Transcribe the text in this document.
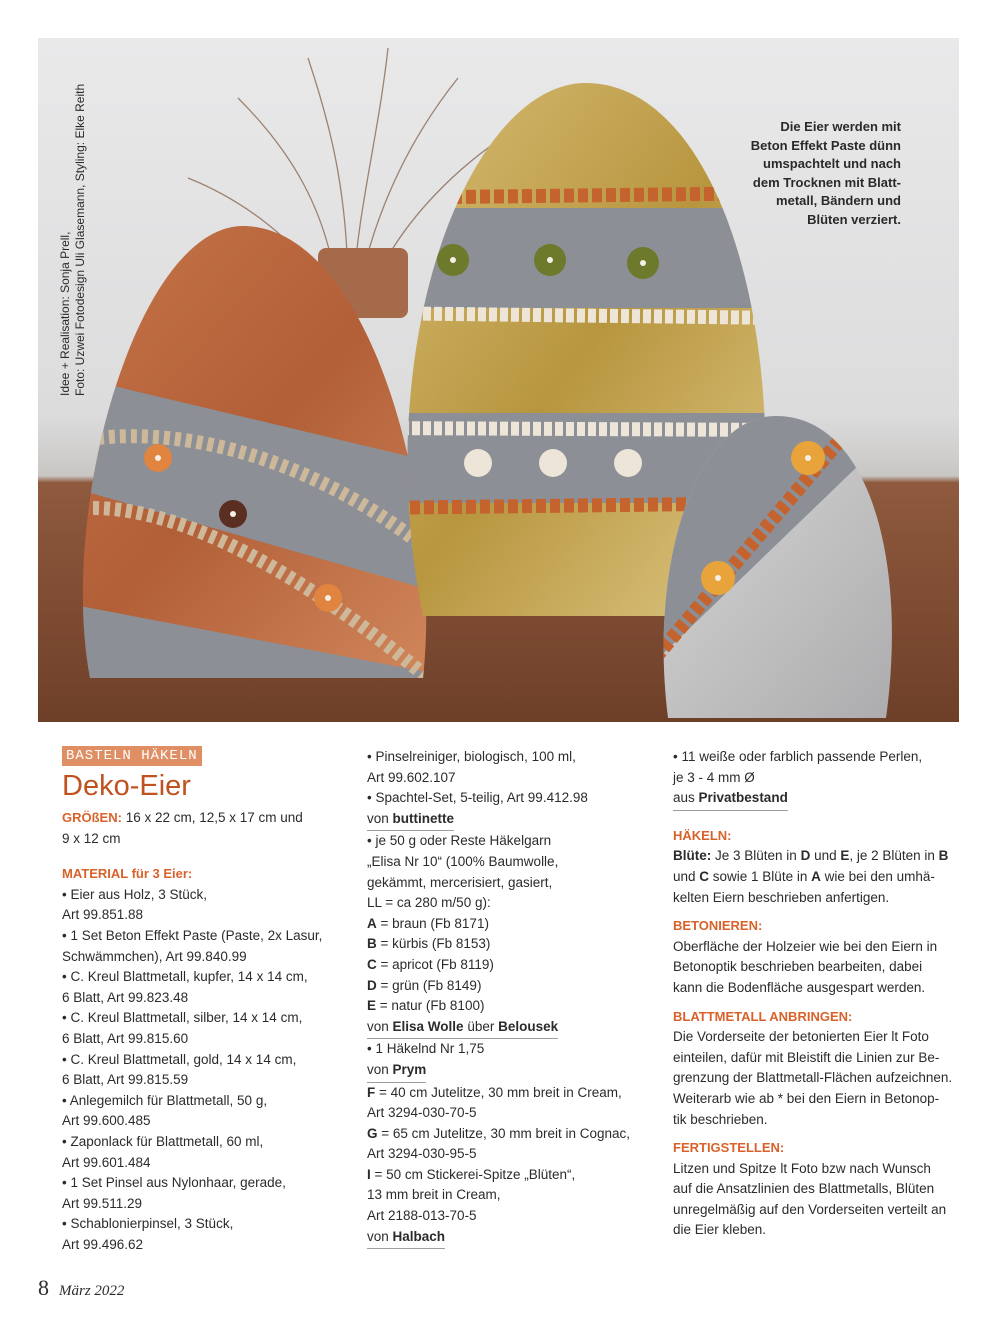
Idee + Realisation: Sonja Prell, Foto: Uzwei Fotodesign Uli Glasemann, Styling: Elke Reith	Die Eier werden mit
Beton Effekt Paste dünn
umspachtelt und nach
dem Trocknen mit Blatt-
metall, Bändern und
Blüten verziert.
BASTELN HÄKELN
Deko-Eier
GRÖßEN: 16 x 22 cm, 12,5 x 17 cm und
9 x 12 cm
MATERIAL für 3 Eier:
• Eier aus Holz, 3 Stück,
Art 99.851.88
• 1 Set Beton Effekt Paste (Paste, 2x Lasur,
Schwämmchen), Art 99.840.99
• C. Kreul Blattmetall, kupfer, 14 x 14 cm,
6 Blatt, Art 99.823.48
• C. Kreul Blattmetall, silber, 14 x 14 cm,
6 Blatt, Art 99.815.60
• C. Kreul Blattmetall, gold, 14 x 14 cm,
6 Blatt, Art 99.815.59
• Anlegemilch für Blattmetall, 50 g,
Art 99.600.485
• Zaponlack für Blattmetall, 60 ml,
Art 99.601.484
• 1 Set Pinsel aus Nylonhaar, gerade,
Art 99.511.29
• Schablonierpinsel, 3 Stück,
Art 99.496.62
• Pinselreiniger, biologisch, 100 ml,
Art 99.602.107
• Spachtel-Set, 5-teilig, Art 99.412.98
von buttinette
• je 50 g oder Reste Häkelgarn
„Elisa Nr 10“ (100% Baumwolle,
gekämmt, mercerisiert, gasiert,
LL = ca 280 m/50 g):
A = braun (Fb 8171)
B = kürbis (Fb 8153)
C = apricot (Fb 8119)
D = grün (Fb 8149)
E = natur (Fb 8100)
von Elisa Wolle über Belousek
• 1 Häkelnd Nr 1,75
von Prym
F = 40 cm Jutelitze, 30 mm breit in Cream,
Art 3294-030-70-5
G = 65 cm Jutelitze, 30 mm breit in Cognac,
Art 3294-030-95-5
I = 50 cm Stickerei-Spitze „Blüten“,
13 mm breit in Cream,
Art 2188-013-70-5
von Halbach
• 11 weiße oder farblich passende Perlen,
je 3 - 4 mm Ø
aus Privatbestand
HÄKELN:
Blüte: Je 3 Blüten in D und E, je 2 Blüten in B
und C sowie 1 Blüte in A wie bei den umhä-
kelten Eiern beschrieben anfertigen.
BETONIEREN:
Oberfläche der Holzeier wie bei den Eiern in
Betonoptik beschrieben bearbeiten, dabei
kann die Bodenfläche ausgespart werden.
BLATTMETALL ANBRINGEN:
Die Vorderseite der betonierten Eier lt Foto
einteilen, dafür mit Bleistift die Linien zur Be-
grenzung der Blattmetall-Flächen aufzeichnen.
Weiterarb wie ab * bei den Eiern in Betonop-
tik beschrieben.
FERTIGSTELLEN:
Litzen und Spitze lt Foto bzw nach Wunsch
auf die Ansatzlinien des Blattmetalls, Blüten
unregelmäßig auf den Vorderseiten verteilt an
die Eier kleben.
8 März 2022
